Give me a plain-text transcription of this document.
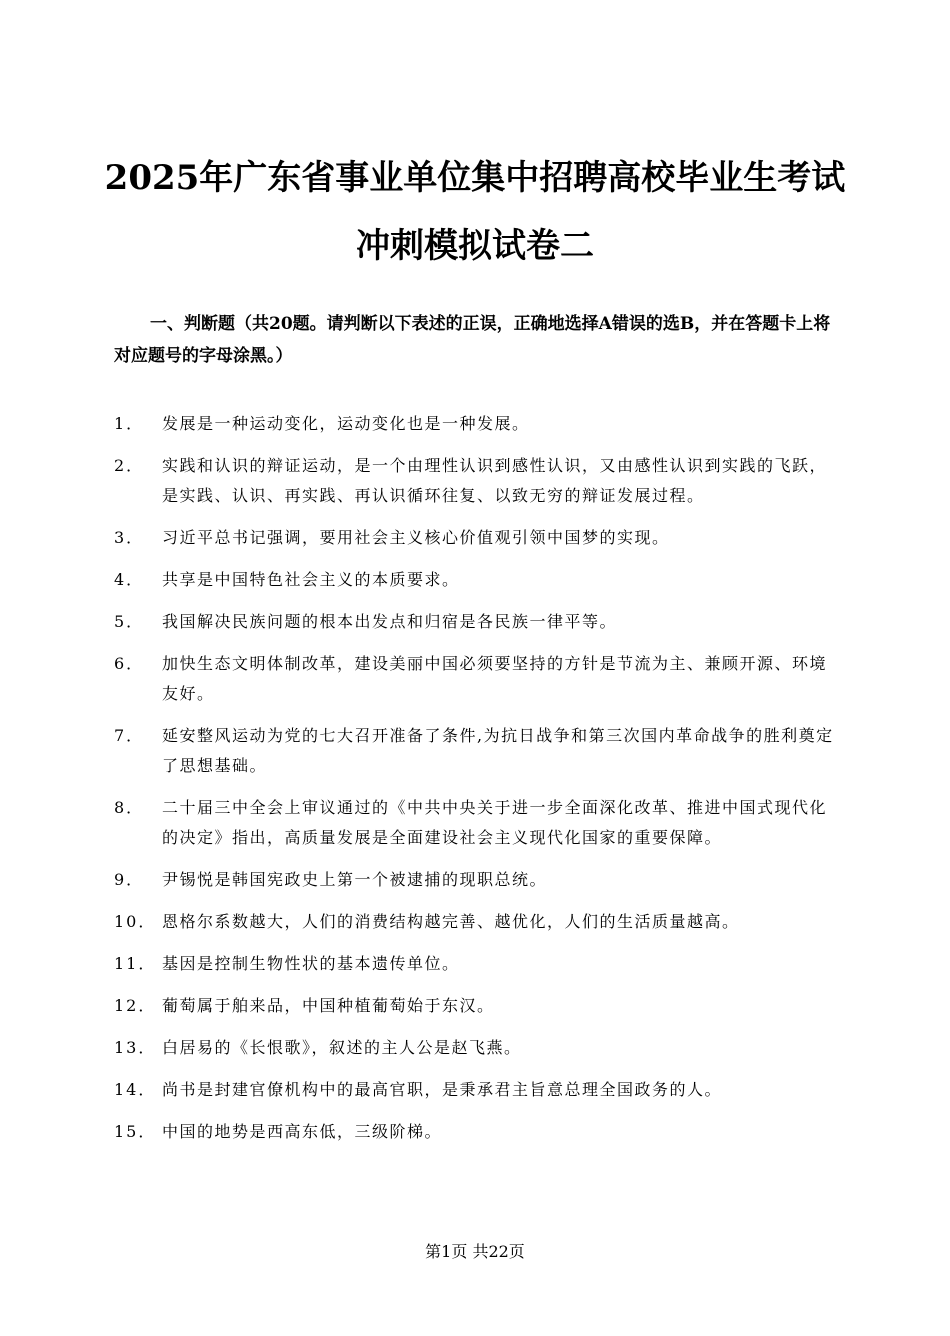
2025年广东省事业单位集中招聘高校毕业生考试
冲刺模拟试卷二

一、判断题（共20题。请判断以下表述的正误，正确地选择A错误的选B，并在答题卡上将对应题号的字母涂黑。）

1．	发展是一种运动变化，运动变化也是一种发展。
2．	实践和认识的辩证运动，是一个由理性认识到感性认识，又由感性认识到实践的飞跃，是实践、认识、再实践、再认识循环往复、以致无穷的辩证发展过程。
3．	习近平总书记强调，要用社会主义核心价值观引领中国梦的实现。
4．	共享是中国特色社会主义的本质要求。
5．	我国解决民族问题的根本出发点和归宿是各民族一律平等。
6．	加快生态文明体制改革，建设美丽中国必须要坚持的方针是节流为主、兼顾开源、环境友好。
7．	延安整风运动为党的七大召开准备了条件,为抗日战争和第三次国内革命战争的胜利奠定了思想基础。
8．	二十届三中全会上审议通过的《中共中央关于进一步全面深化改革、推进中国式现代化的决定》指出，高质量发展是全面建设社会主义现代化国家的重要保障。
9．	尹锡悦是韩国宪政史上第一个被逮捕的现职总统。
10． 恩格尔系数越大，人们的消费结构越完善、越优化，人们的生活质量越高。
11． 基因是控制生物性状的基本遗传单位。
12． 葡萄属于舶来品，中国种植葡萄始于东汉。
13． 白居易的《长恨歌》，叙述的主人公是赵飞燕。
14． 尚书是封建官僚机构中的最高官职，是秉承君主旨意总理全国政务的人。
15． 中国的地势是西高东低，三级阶梯。
第1页 共22页
